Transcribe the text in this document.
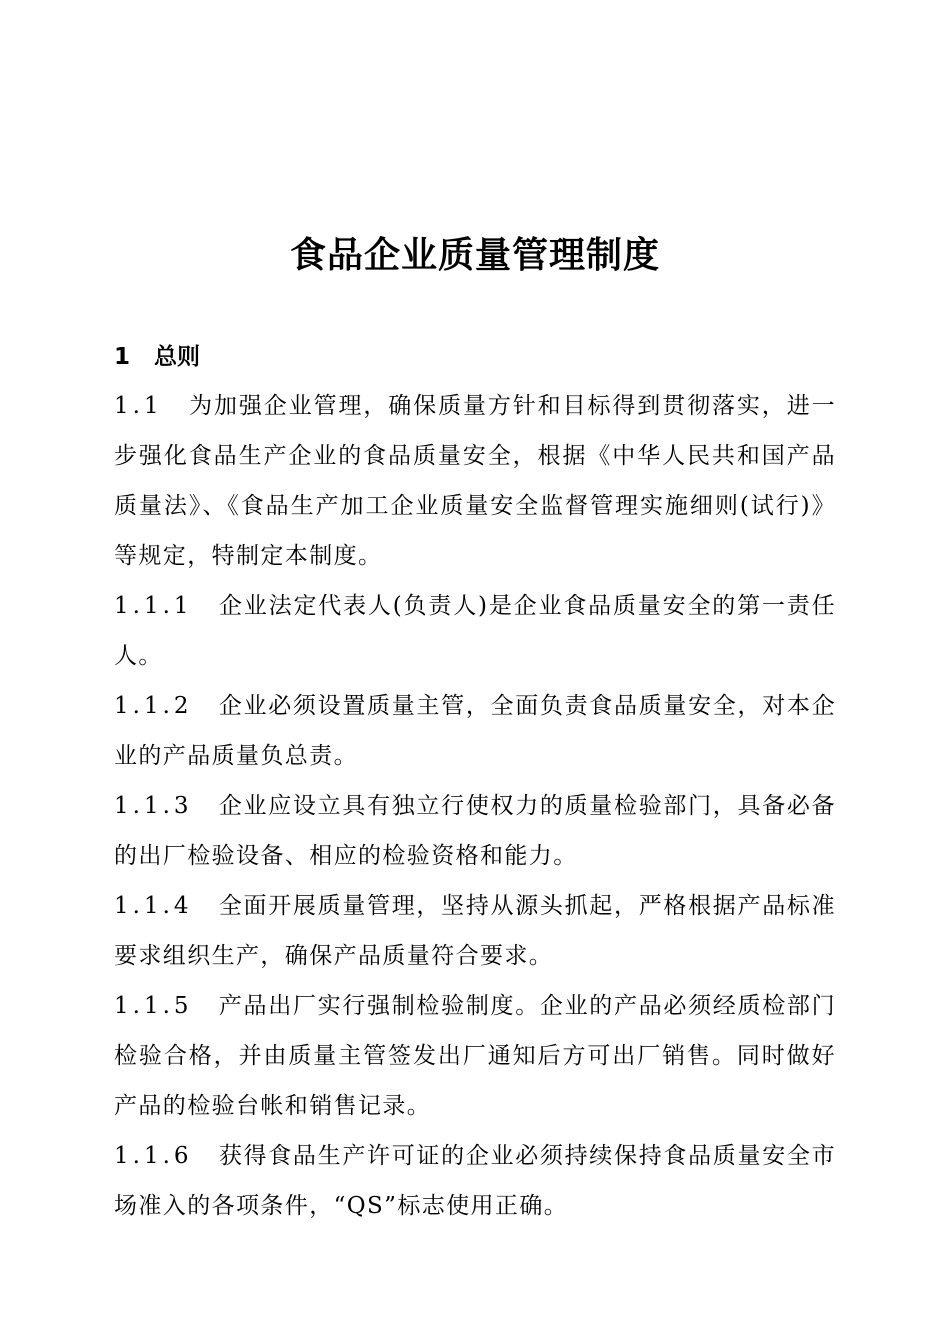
食品企业质量管理制度
1 总则

1.1 为加强企业管理，确保质量方针和目标得到贯彻落实，进一步强化食品生产企业的食品质量安全，根据《中华人民共和国产品质量法》、《食品生产加工企业质量安全监督管理实施细则(试行)》等规定，特制定本制度。

1.1.1 企业法定代表人(负责人)是企业食品质量安全的第一责任人。

1.1.2 企业必须设置质量主管，全面负责食品质量安全，对本企业的产品质量负总责。

1.1.3 企业应设立具有独立行使权力的质量检验部门，具备必备的出厂检验设备、相应的检验资格和能力。

1.1.4 全面开展质量管理，坚持从源头抓起，严格根据产品标准要求组织生产，确保产品质量符合要求。

1.1.5 产品出厂实行强制检验制度。企业的产品必须经质检部门检验合格，并由质量主管签发出厂通知后方可出厂销售。同时做好产品的检验台帐和销售记录。

1.1.6 获得食品生产许可证的企业必须持续保持食品质量安全市场准入的各项条件，“QS”标志使用正确。
